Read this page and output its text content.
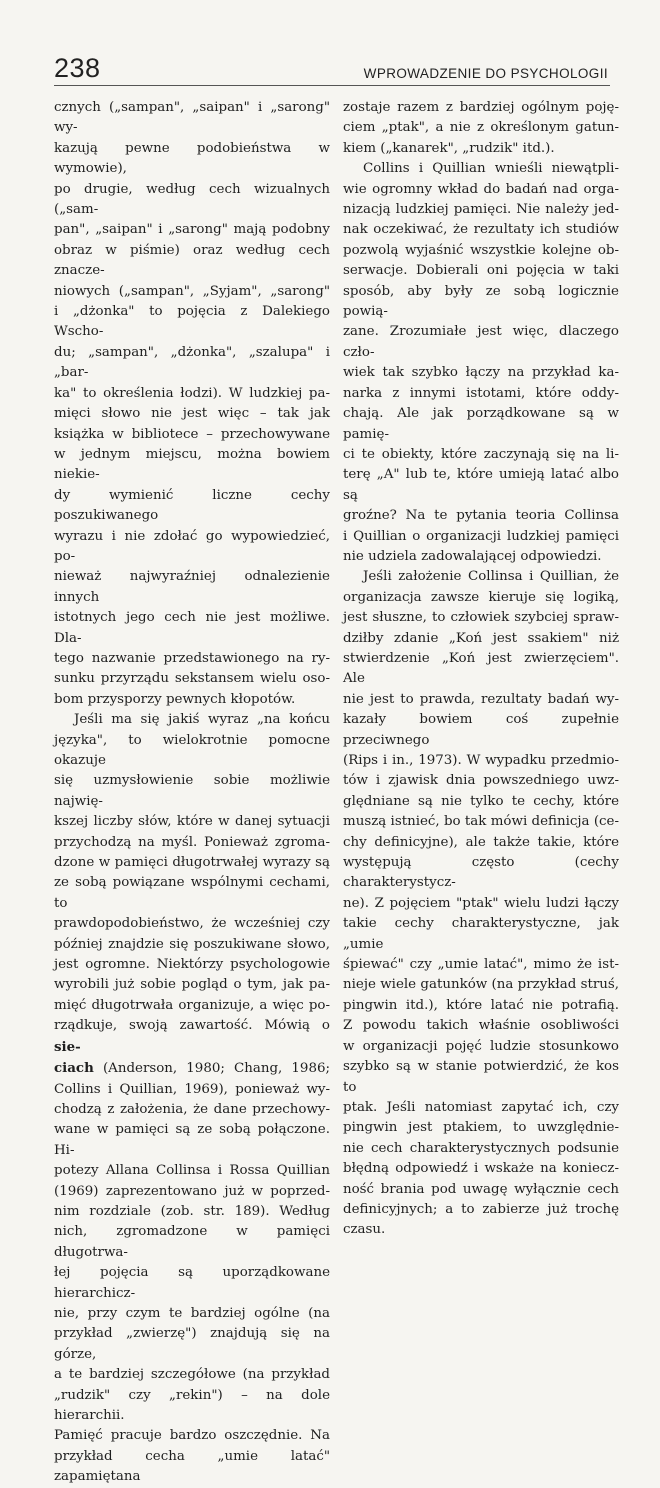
238	WPROWADZENIE DO PSYCHOLOGII

cznych („sampan", „saipan" i „sarong" wy-
kazują pewne podobieństwa w wymowie),
po drugie, według cech wizualnych („sam-
pan", „saipan" i „sarong" mają podobny
obraz w piśmie) oraz według cech znacze-
niowych („sampan", „Syjam", „sarong"
i „dżonka" to pojęcia z Dalekiego Wscho-
du; „sampan", „dżonka", „szalupa" i „bar-
ka" to określenia łodzi). W ludzkiej pa-
mięci słowo nie jest więc – tak jak
książka w bibliotece – przechowywane
w jednym miejscu, można bowiem niekie-
dy wymienić liczne cechy poszukiwanego
wyrazu i nie zdołać go wypowiedzieć, po-
nieważ najwyraźniej odnalezienie innych
istotnych jego cech nie jest możliwe. Dla-
tego nazwanie przedstawionego na ry-
sunku przyrządu sekstansem wielu oso-
bom przysporzy pewnych kłopotów.

Jeśli ma się jakiś wyraz „na końcu
języka", to wielokrotnie pomocne okazuje
się uzmysłowienie sobie możliwie najwię-
kszej liczby słów, które w danej sytuacji
przychodzą na myśl. Ponieważ zgroma-
dzone w pamięci długotrwałej wyrazy są
ze sobą powiązane wspólnymi cechami, to
prawdopodobieństwo, że wcześniej czy
później znajdzie się poszukiwane słowo,
jest ogromne. Niektórzy psychologowie
wyrobili już sobie pogląd o tym, jak pa-
mięć długotrwała organizuje, a więc po-
rządkuje, swoją zawartość. Mówią o sie-
ciach (Anderson, 1980; Chang, 1986;
Collins i Quillian, 1969), ponieważ wy-
chodzą z założenia, że dane przechowy-
wane w pamięci są ze sobą połączone. Hi-
potezy Allana Collinsa i Rossa Quillian
(1969) zaprezentowano już w poprzed-
nim rozdziale (zob. str. 189). Według
nich, zgromadzone w pamięci długotrwa-
łej pojęcia są uporządkowane hierarchicz-
nie, przy czym te bardziej ogólne (na
przykład „zwierzę") znajdują się na górze,
a te bardziej szczegółowe (na przykład
„rudzik" czy „rekin") – na dole hierarchii.
Pamięć pracuje bardzo oszczędnie. Na
przykład cecha „umie latać" zapamiętana

zostaje razem z bardziej ogólnym poję-
ciem „ptak", a nie z określonym gatun-
kiem („kanarek", „rudzik" itd.).

Collins i Quillian wnieśli niewątpli-
wie ogromny wkład do badań nad orga-
nizacją ludzkiej pamięci. Nie należy jed-
nak oczekiwać, że rezultaty ich studiów
pozwolą wyjaśnić wszystkie kolejne ob-
serwacje. Dobierali oni pojęcia w taki
sposób, aby były ze sobą logicznie powią-
zane. Zrozumiałe jest więc, dlaczego czło-
wiek tak szybko łączy na przykład ka-
narka z innymi istotami, które oddy-
chają. Ale jak porządkowane są w pamię-
ci te obiekty, które zaczynają się na li-
terę „A" lub te, które umieją latać albo są
groźne? Na te pytania teoria Collinsa
i Quillian o organizacji ludzkiej pamięci
nie udziela zadowalającej odpowiedzi.

Jeśli założenie Collinsa i Quillian, że
organizacja zawsze kieruje się logiką,
jest słuszne, to człowiek szybciej spraw-
dziłby zdanie „Koń jest ssakiem" niż
stwierdzenie „Koń jest zwierzęciem". Ale
nie jest to prawda, rezultaty badań wy-
kazały bowiem coś zupełnie przeciwnego
(Rips i in., 1973). W wypadku przedmio-
tów i zjawisk dnia powszedniego uwz-
ględniane są nie tylko te cechy, które
muszą istnieć, bo tak mówi definicja (ce-
chy definicyjne), ale także takie, które
występują często (cechy charakterystycz-
ne). Z pojęciem "ptak" wielu ludzi łączy
takie cechy charakterystyczne, jak „umie
śpiewać" czy „umie latać", mimo że ist-
nieje wiele gatunków (na przykład struś,
pingwin itd.), które latać nie potrafią.
Z powodu takich właśnie osobliwości
w organizacji pojęć ludzie stosunkowo
szybko są w stanie potwierdzić, że kos to
ptak. Jeśli natomiast zapytać ich, czy
pingwin jest ptakiem, to uwzględnie-
nie cech charakterystycznych podsunie
błędną odpowiedź i wskaże na koniecz-
ność brania pod uwagę wyłącznie cech
definicyjnych; a to zabierze już trochę
czasu.
